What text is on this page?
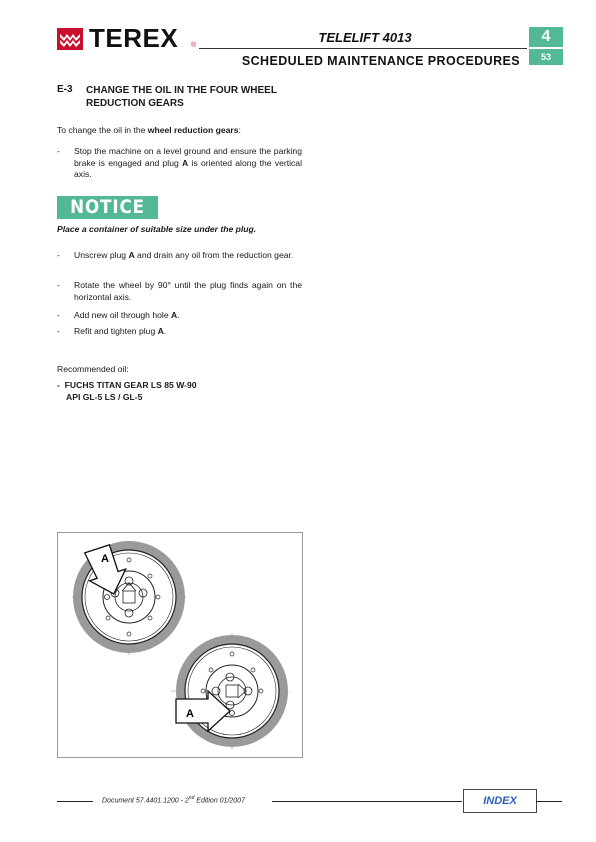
TEREX ®
TELELIFT 4013
SCHEDULED MAINTENANCE PROCEDURES
4
53
E-3 CHANGE THE OIL IN THE FOUR WHEEL REDUCTION GEARS
To change the oil in the wheel reduction gears:
- Stop the machine on a level ground and ensure the parking brake is engaged and plug A is oriented along the vertical axis.
NOTICE
Place a container of suitable size under the plug.
- Unscrew plug A and drain any oil from the reduction gear.
- Rotate the wheel by 90° until the plug finds again on the horizontal axis.
- Add new oil through hole A.
- Refit and tighten plug A.
Recommended oil:
- FUCHS TITAN GEAR LS 85 W-90
API GL-5 LS / GL-5
A
A
Document 57.4401.1200 - 2nd Edition 01/2007	INDEX
